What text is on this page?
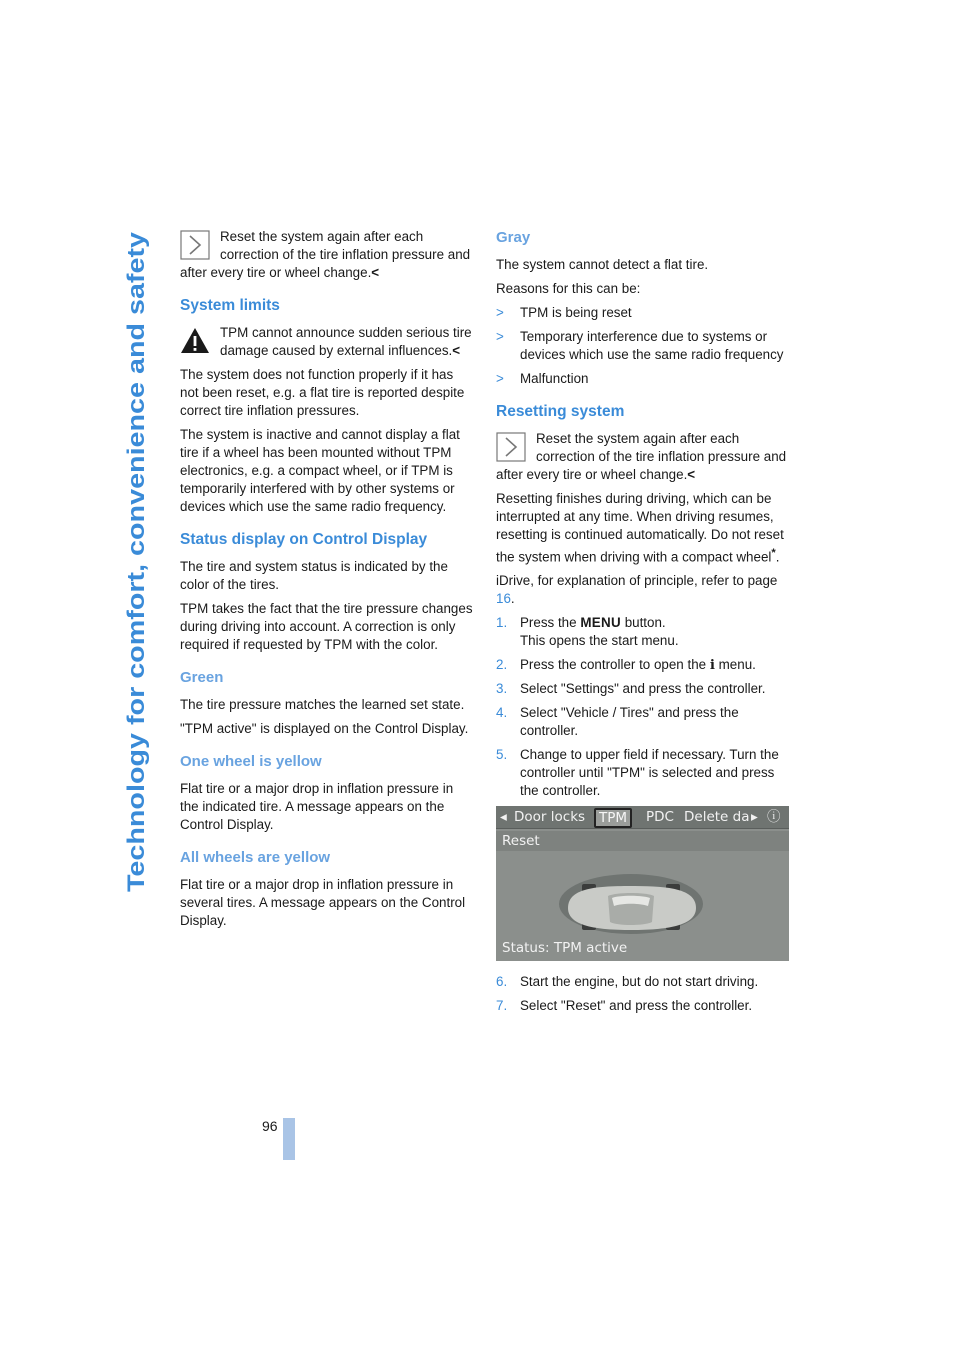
Technology for comfort, convenience and safety
96

Reset the system again after each correction of the tire inflation pressure and after every tire or wheel change.<

System limits

TPM cannot announce sudden serious tire damage caused by external influences.<

The system does not function properly if it has not been reset, e.g. a flat tire is reported despite correct tire inflation pressures.

The system is inactive and cannot display a flat tire if a wheel has been mounted without TPM electronics, e.g. a compact wheel, or if TPM is temporarily interfered with by other systems or devices which use the same radio frequency.

Status display on Control Display

The tire and system status is indicated by the color of the tires.

TPM takes the fact that the tire pressure changes during driving into account. A correction is only required if requested by TPM with the color.

Green

The tire pressure matches the learned set state.

"TPM active" is displayed on the Control Display.

One wheel is yellow

Flat tire or a major drop in inflation pressure in the indicated tire. A message appears on the Control Display.

All wheels are yellow

Flat tire or a major drop in inflation pressure in several tires. A message appears on the Control Display.

Gray

The system cannot detect a flat tire.

Reasons for this can be:

> TPM is being reset
> Temporary interference due to systems or devices which use the same radio frequency
> Malfunction
Resetting system

Reset the system again after each correction of the tire inflation pressure and after every tire or wheel change.<

Resetting finishes during driving, which can be interrupted at any time. When driving resumes, resetting is continued automatically. Do not reset the system when driving with a compact wheel*.

iDrive, for explanation of principle, refer to page 16.

1. Press the MENU button.
This opens the start menu.
2. Press the controller to open the i menu.
3. Select "Settings" and press the controller.
4. Select "Vehicle / Tires" and press the controller.
5. Change to upper field if necessary. Turn the controller until "TPM" is selected and press the controller.
◂ Door locks	TPM	PDC Delete da ▸ ⓘ
Reset
Status: TPM active
6. Start the engine, but do not start driving.
7. Select "Reset" and press the controller.
